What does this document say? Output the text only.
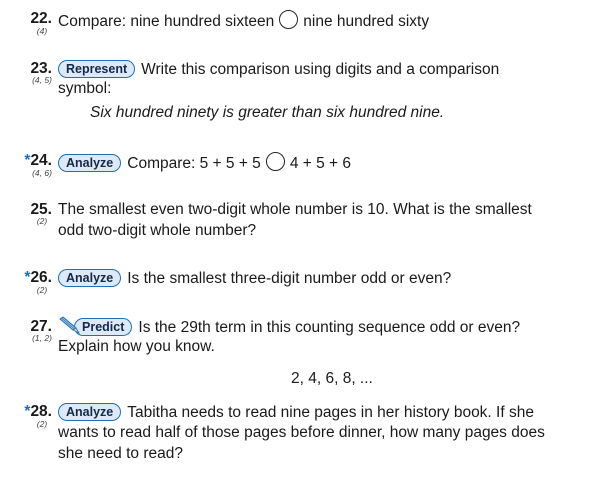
22.
(4)
Compare: nine hundred sixteen nine hundred sixty
23.
(4, 5)
Represent Write this comparison using digits and a comparison
symbol:
Six hundred ninety is greater than six hundred nine.
*24.
(4, 6)
Analyze Compare: 5 + 5 + 5 4 + 5 + 6
25.
(2)
The smallest even two-digit whole number is 10. What is the smallest
odd two-digit whole number?
*26.
(2)
Analyze Is the smallest three-digit number odd or even?
27.
(1, 2)
Predict Is the 29th term in this counting sequence odd or even?
Explain how you know.
2, 4, 6, 8, ...
*28.
(2)
Analyze Tabitha needs to read nine pages in her history book. If she
wants to read half of those pages before dinner, how many pages does
she need to read?
